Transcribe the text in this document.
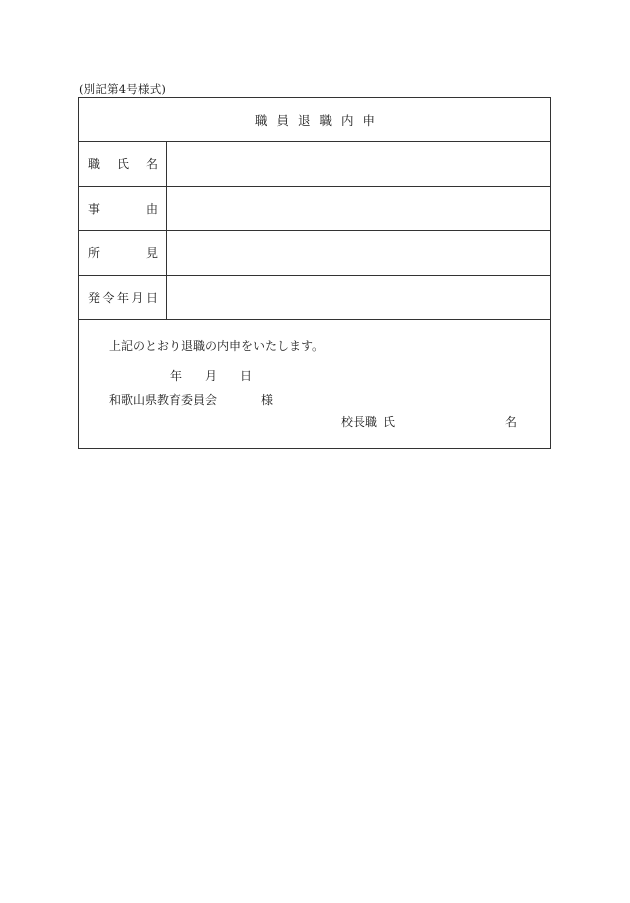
(別記第4号様式)
職 員 退 職 内 申
職 氏 名
事	由
所	見
発 令 年 月 日
上記のとおり退職の内申をいたします。
年 月 日
和歌山県教育委員会	様
校長職 氏	名
